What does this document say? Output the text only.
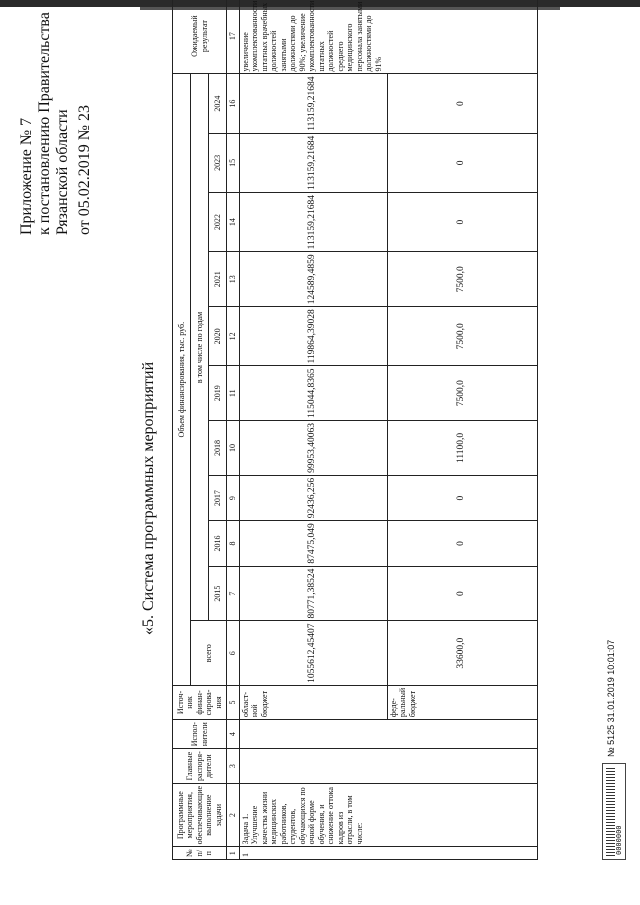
Приложение № 7 к постановлению Правительства Рязанской области от 05.02.2019 № 23
«5. Система программных мероприятий
№ п/п	Программные мероприятия, обеспечивающие выполнение задачи	Главные распоря-дители	Испол-нители	Источ-ник финан-сирова-ния	Объем финансирования, тыс. руб.											Ожидаемый результат
					всего	в том числе по годам										
						2015	2016	2017	2018	2019	2020	2021	2022	2023	2024	
1	2	3	4	5	6	7	8	9	10	11	12	13	14	15	16	17
1	Задача 1. Улучшение качества жизни медицинских работников, студентов, обучающихся по очной форме обучения, и снижение оттока кадров из отрасли, в том числе:			област-ной бюджет	1055612,45407	80771,38524	87475,049	92436,256	99953,40063	115044,8365	119864,39028	124589,4859	113159,21684	113159,21684	113159,21684	увеличение укомплектованности штатных врачебных должностей занятыми должностями до 90%; увеличение укомплектованности штатных должностей среднего медицинского персонала занятыми должностями до 91%
				феде-ральный бюджет	33600,0	0	0	0	11100,0	7500,0	7500,0	7500,0	0	0	0	
0000000
№ 5125 31.01.2019 10:01:07
